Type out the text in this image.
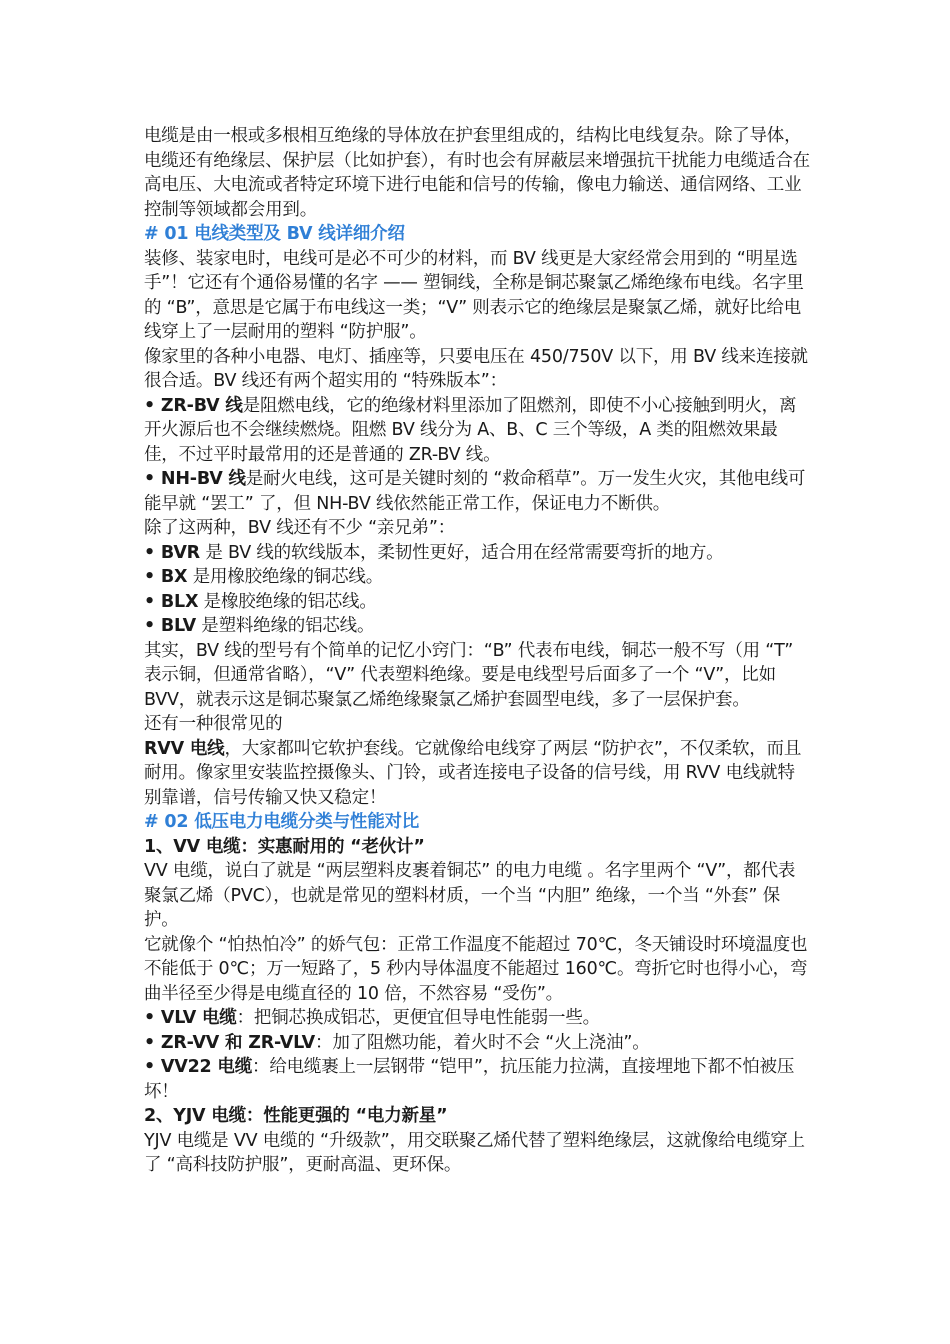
电缆是由一根或多根相互绝缘的导体放在护套里组成的，结构比电线复杂。除了导体，电缆还有绝缘层、保护层（比如护套），有时也会有屏蔽层来增强抗干扰能力电缆适合在高电压、大电流或者特定环境下进行电能和信号的传输，像电力输送、通信网络、工业控制等领域都会用到。

# 01 电线类型及 BV 线详细介绍

装修、装家电时，电线可是必不可少的材料，而 BV 线更是大家经常会用到的 “明星选手”！它还有个通俗易懂的名字 —— 塑铜线，全称是铜芯聚氯乙烯绝缘布电线。名字里的 “B”，意思是它属于布电线这一类；“V” 则表示它的绝缘层是聚氯乙烯，就好比给电线穿上了一层耐用的塑料 “防护服”。

像家里的各种小电器、电灯、插座等，只要电压在 450/750V 以下，用 BV 线来连接就很合适。BV 线还有两个超实用的 “特殊版本”：

• ZR-BV 线是阻燃电线，它的绝缘材料里添加了阻燃剂，即使不小心接触到明火，离开火源后也不会继续燃烧。阻燃 BV 线分为 A、B、C 三个等级，A 类的阻燃效果最佳，不过平时最常用的还是普通的 ZR-BV 线。

• NH-BV 线是耐火电线，这可是关键时刻的 “救命稻草”。万一发生火灾，其他电线可能早就 “罢工” 了，但 NH-BV 线依然能正常工作，保证电力不断供。

除了这两种，BV 线还有不少 “亲兄弟”：

• BVR 是 BV 线的软线版本，柔韧性更好，适合用在经常需要弯折的地方。

• BX 是用橡胶绝缘的铜芯线。

• BLX 是橡胶绝缘的铝芯线。

• BLV 是塑料绝缘的铝芯线。

其实，BV 线的型号有个简单的记忆小窍门：“B” 代表布电线，铜芯一般不写（用 “T” 表示铜，但通常省略），“V” 代表塑料绝缘。要是电线型号后面多了一个 “V”，比如 BVV，就表示这是铜芯聚氯乙烯绝缘聚氯乙烯护套圆型电线，多了一层保护套。

还有一种很常见的

RVV 电线，大家都叫它软护套线。它就像给电线穿了两层 “防护衣”，不仅柔软，而且耐用。像家里安装监控摄像头、门铃，或者连接电子设备的信号线，用 RVV 电线就特别靠谱，信号传输又快又稳定！

# 02 低压电力电缆分类与性能对比

1、VV 电缆：实惠耐用的 “老伙计”

VV 电缆，说白了就是 “两层塑料皮裹着铜芯” 的电力电缆 。名字里两个 “V”，都代表聚氯乙烯（PVC），也就是常见的塑料材质，一个当 “内胆” 绝缘，一个当 “外套” 保护。

它就像个 “怕热怕冷” 的娇气包：正常工作温度不能超过 70℃，冬天铺设时环境温度也不能低于 0℃；万一短路了，5 秒内导体温度不能超过 160℃。弯折它时也得小心，弯曲半径至少得是电缆直径的 10 倍，不然容易 “受伤”。

• VLV 电缆：把铜芯换成铝芯，更便宜但导电性能弱一些。

• ZR-VV 和 ZR-VLV：加了阻燃功能，着火时不会 “火上浇油”。

• VV22 电缆：给电缆裹上一层钢带 “铠甲”，抗压能力拉满，直接埋地下都不怕被压坏！

2、YJV 电缆：性能更强的 “电力新星”

YJV 电缆是 VV 电缆的 “升级款”，用交联聚乙烯代替了塑料绝缘层，这就像给电缆穿上了 “高科技防护服”，更耐高温、更环保。
